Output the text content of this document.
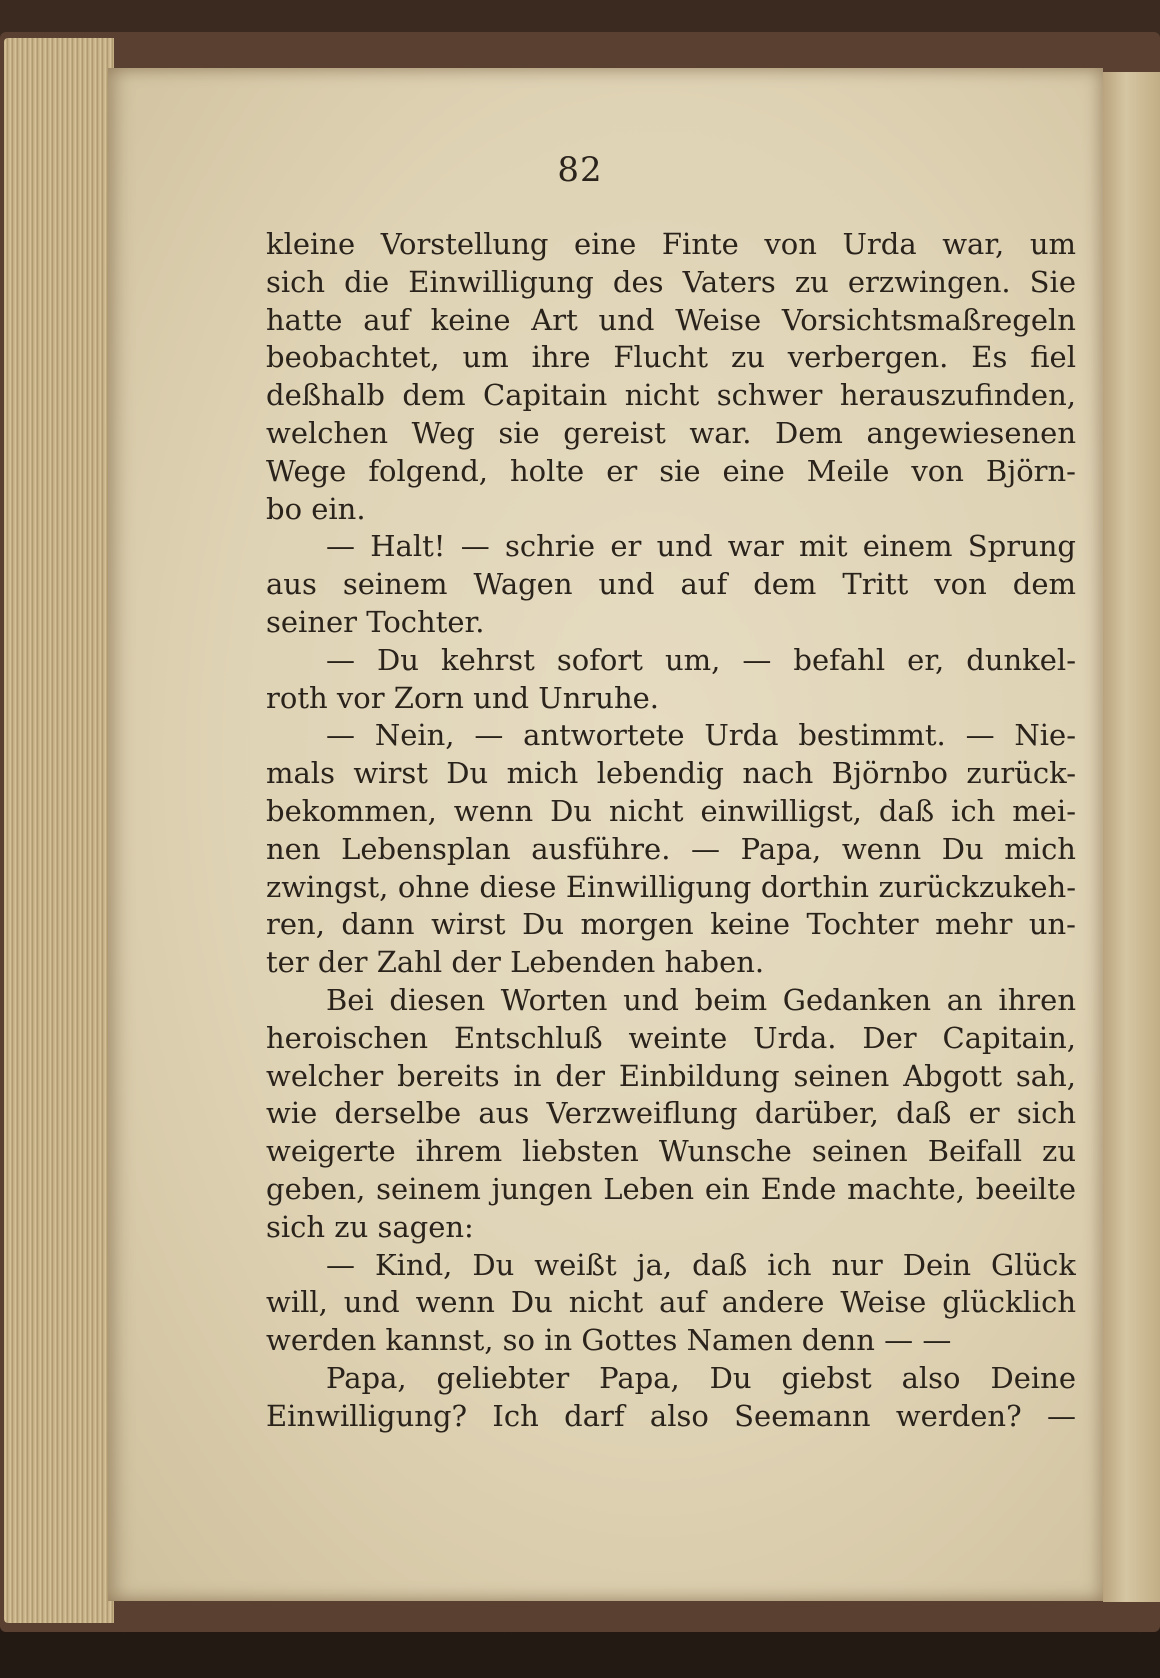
82
kleine Vorstellung eine Finte von Urda war, um
sich die Einwilligung des Vaters zu erzwingen. Sie
hatte auf keine Art und Weise Vorsichtsmaßregeln
beobachtet, um ihre Flucht zu verbergen. Es fiel
deßhalb dem Capitain nicht schwer herauszufinden,
welchen Weg sie gereist war. Dem angewiesenen
Wege folgend, holte er sie eine Meile von Björn-
bo ein.
— Halt! — schrie er und war mit einem Sprung
aus seinem Wagen und auf dem Tritt von dem
seiner Tochter.
— Du kehrst sofort um, — befahl er, dunkel-
roth vor Zorn und Unruhe.
— Nein, — antwortete Urda bestimmt. — Nie-
mals wirst Du mich lebendig nach Björnbo zurück-
bekommen, wenn Du nicht einwilligst, daß ich mei-
nen Lebensplan ausführe. — Papa, wenn Du mich
zwingst, ohne diese Einwilligung dorthin zurückzukeh-
ren, dann wirst Du morgen keine Tochter mehr un-
ter der Zahl der Lebenden haben.
Bei diesen Worten und beim Gedanken an ihren
heroischen Entschluß weinte Urda. Der Capitain,
welcher bereits in der Einbildung seinen Abgott sah,
wie derselbe aus Verzweiflung darüber, daß er sich
weigerte ihrem liebsten Wunsche seinen Beifall zu
geben, seinem jungen Leben ein Ende machte, beeilte
sich zu sagen:
— Kind, Du weißt ja, daß ich nur Dein Glück
will, und wenn Du nicht auf andere Weise glücklich
werden kannst, so in Gottes Namen denn — —
Papa, geliebter Papa, Du giebst also Deine
Einwilligung? Ich darf also Seemann werden? —
